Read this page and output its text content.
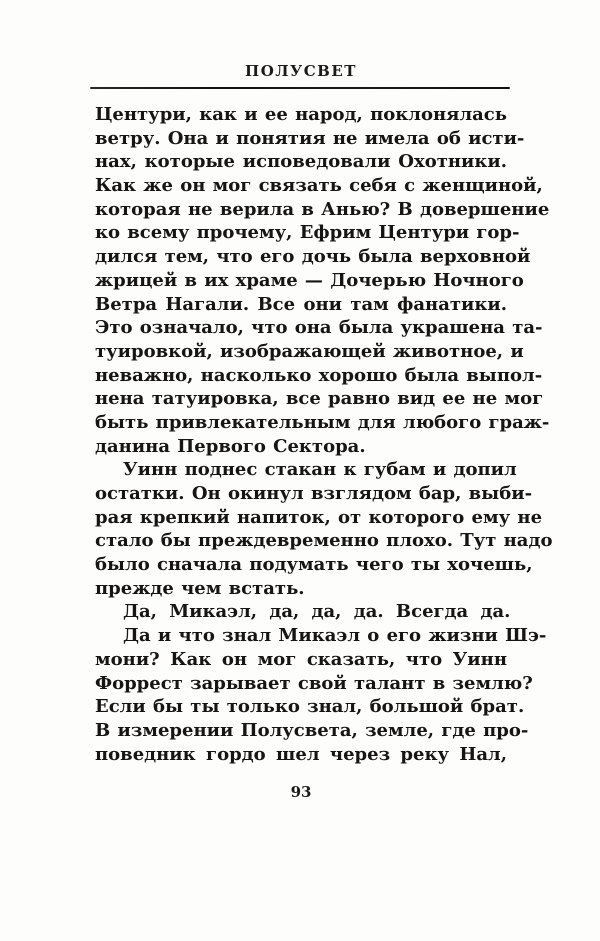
ПОЛУСВЕТ
Центури, как и ее народ, поклонялась
ветру. Она и понятия не имела об исти-
нах, которые исповедовали Охотники.
Как же он мог связать себя с женщиной,
которая не верила в Анью? В довершение
ко всему прочему, Ефрим Центури гор-
дился тем, что его дочь была верховной
жрицей в их храме — Дочерью Ночного
Ветра Нагали. Все они там фанатики.
Это означало, что она была украшена та-
туировкой, изображающей животное, и
неважно, насколько хорошо была выпол-
нена татуировка, все равно вид ее не мог
быть привлекательным для любого граж-
данина Первого Сектора.
Уинн поднес стакан к губам и допил
остатки. Он окинул взглядом бар, выби-
рая крепкий напиток, от которого ему не
стало бы преждевременно плохо. Тут надо
было сначала подумать чего ты хочешь,
прежде чем встать.
Да, Микаэл, да, да, да. Всегда да.
Да и что знал Микаэл о его жизни Шэ-
мони? Как он мог сказать, что Уинн
Форрест зарывает свой талант в землю?
Если бы ты только знал, большой брат.
В измерении Полусвета, земле, где про-
поведник гордо шел через реку Нал,
93
